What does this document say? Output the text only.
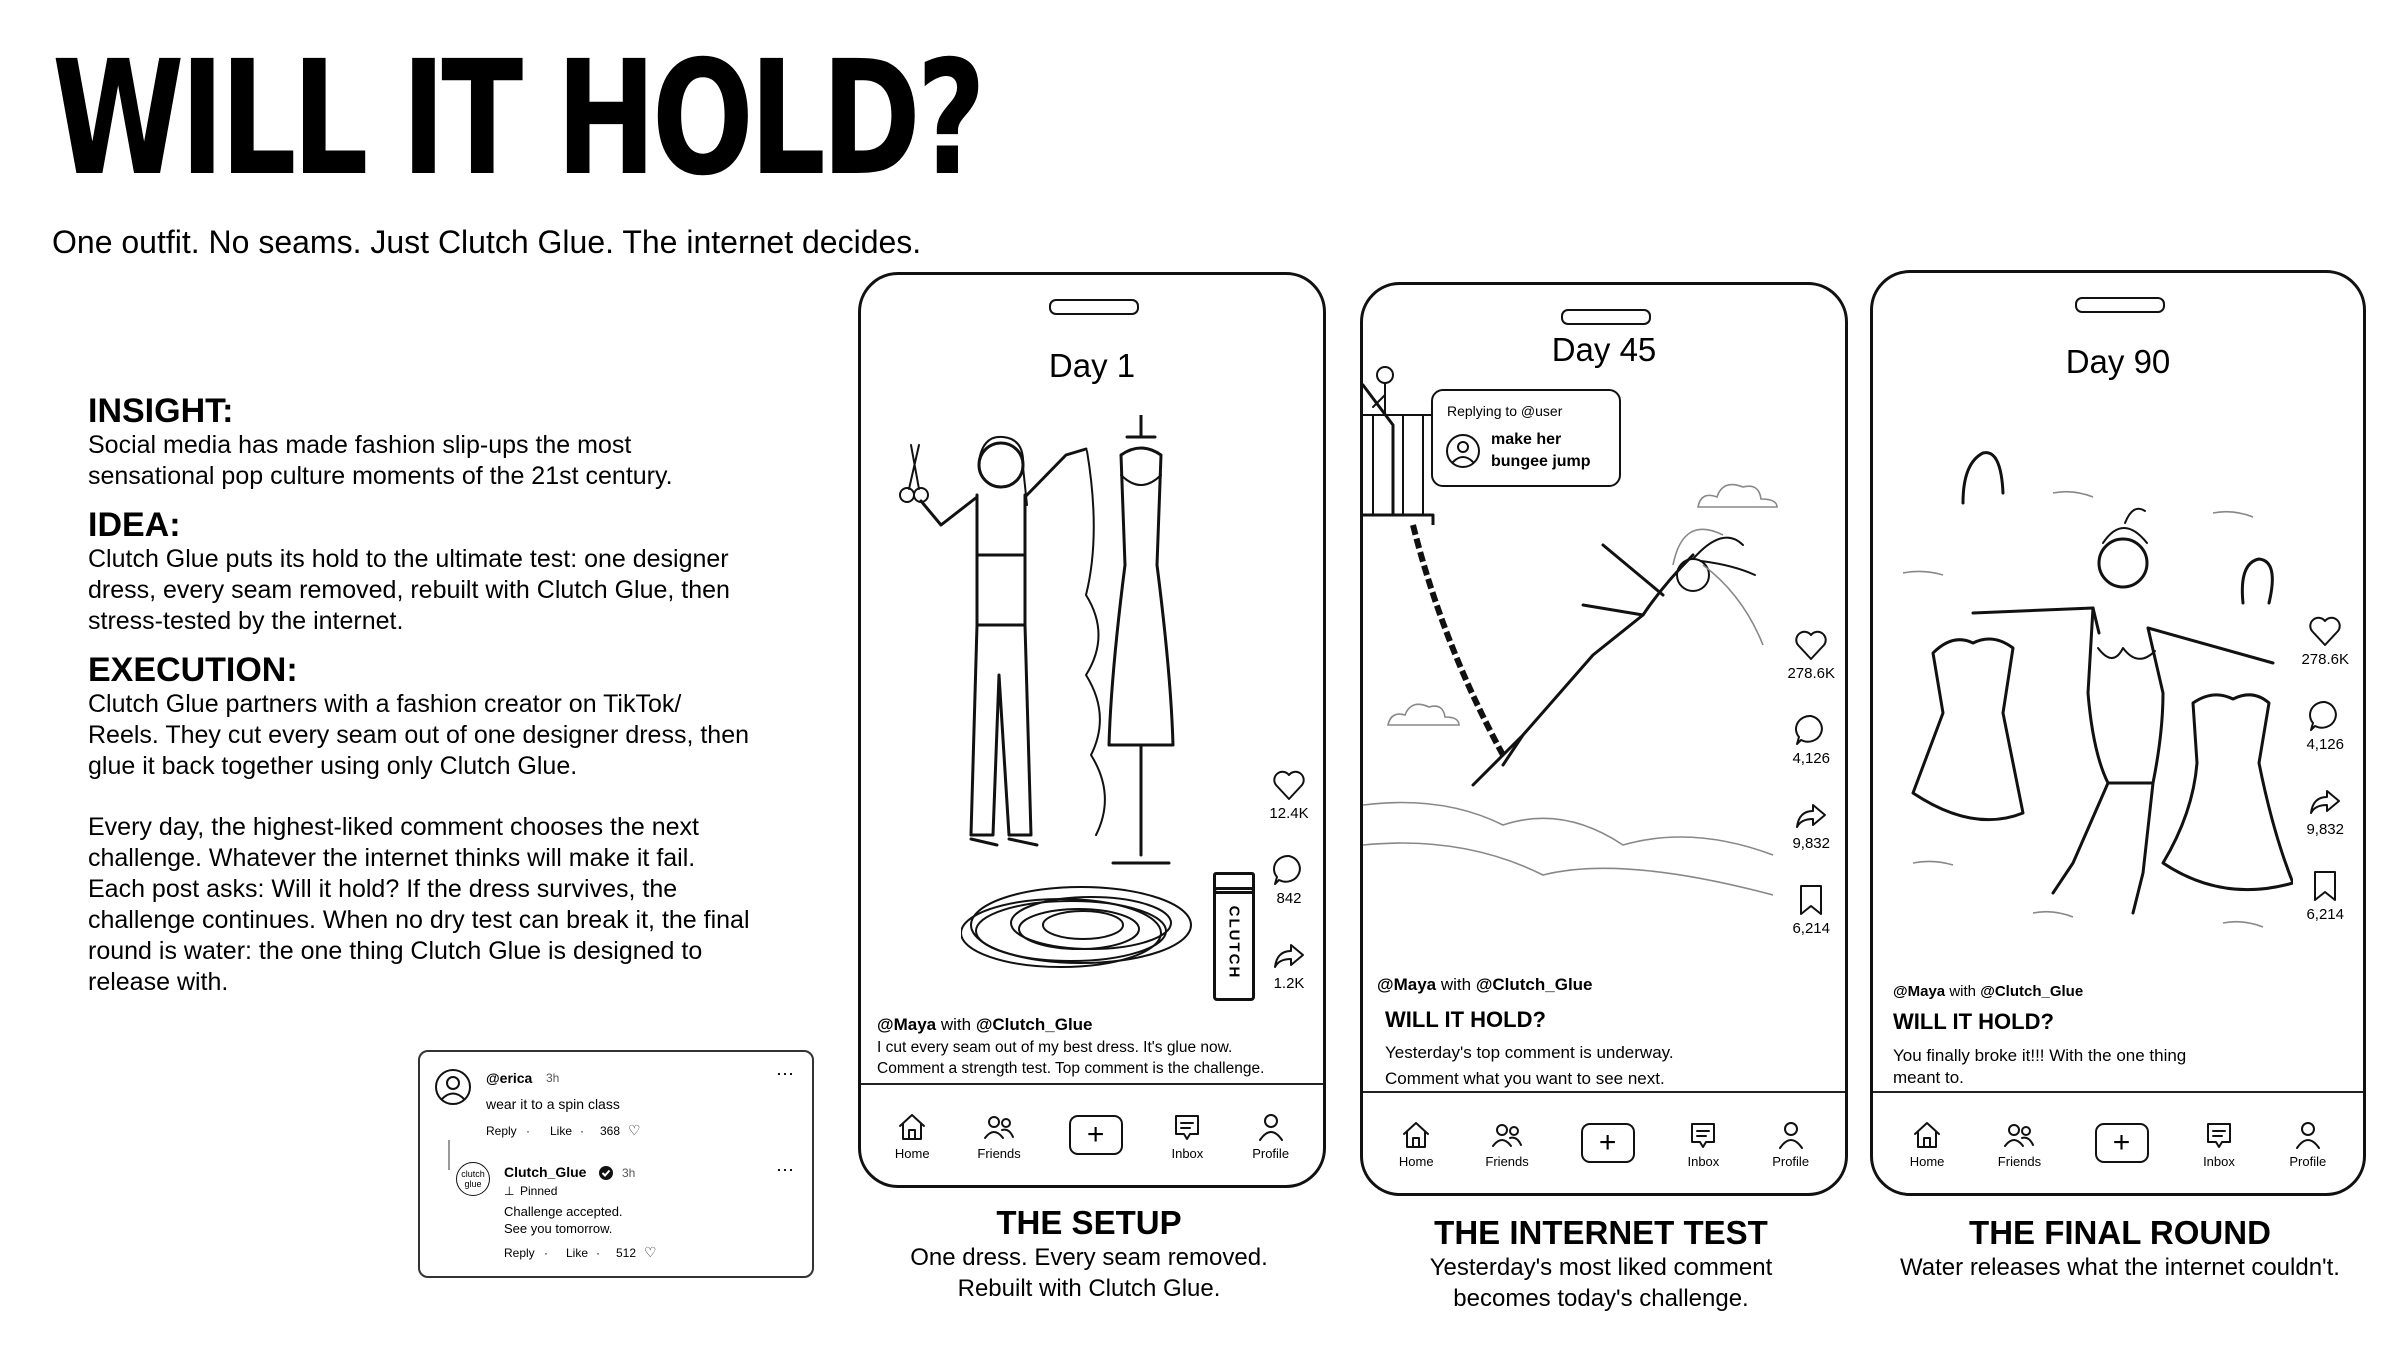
WILL IT HOLD?
One outfit. No seams. Just Clutch Glue. The internet decides.

INSIGHT:

Social media has made fashion slip-ups the most sensational pop culture moments of the 21st century.

IDEA:

Clutch Glue puts its hold to the ultimate test: one designer dress, every seam removed, rebuilt with Clutch Glue, then stress-tested by the internet.

EXECUTION:

Clutch Glue partners with a fashion creator on TikTok/ Reels. They cut every seam out of one designer dress, then glue it back together using only Clutch Glue.

Every day, the highest-liked comment chooses the next challenge. Whatever the internet thinks will make it fail. Each post asks: Will it hold? If the dress survives, the challenge continues. When no dry test can break it, the final round is water: the one thing Clutch Glue is designed to release with.

@erica 3h	⋯
wear it to a spin class
Reply · Like · 368 ♡
clutch glue
Clutch_Glue	3h	⋯
⊥ Pinned
Challenge accepted.
See you tomorrow.
Reply · Like · 512 ♡
Day 1
CLUTCH
12.4K
842
1.2K
@Maya with @Clutch_Glue
I cut every seam out of my best dress. It's glue now.
Comment a strength test. Top comment is the challenge.
Home	Friends
+
Inbox	Profile
Day 45
Replying to @user
make her
bungee jump
278.6K
4,126
9,832
6,214
@Maya with @Clutch_Glue
WILL IT HOLD?
Yesterday's top comment is underway.
Comment what you want to see next.
Home	Friends
+
Inbox	Profile
Day 90
278.6K
4,126
9,832
6,214
@Maya with @Clutch_Glue
WILL IT HOLD?
You finally broke it!!! With the one thing
meant to.
Home	Friends
+
Inbox	Profile
THE SETUP
One dress. Every seam removed.
Rebuilt with Clutch Glue.
THE INTERNET TEST
Yesterday's most liked comment
becomes today's challenge.
THE FINAL ROUND
Water releases what the internet couldn't.
